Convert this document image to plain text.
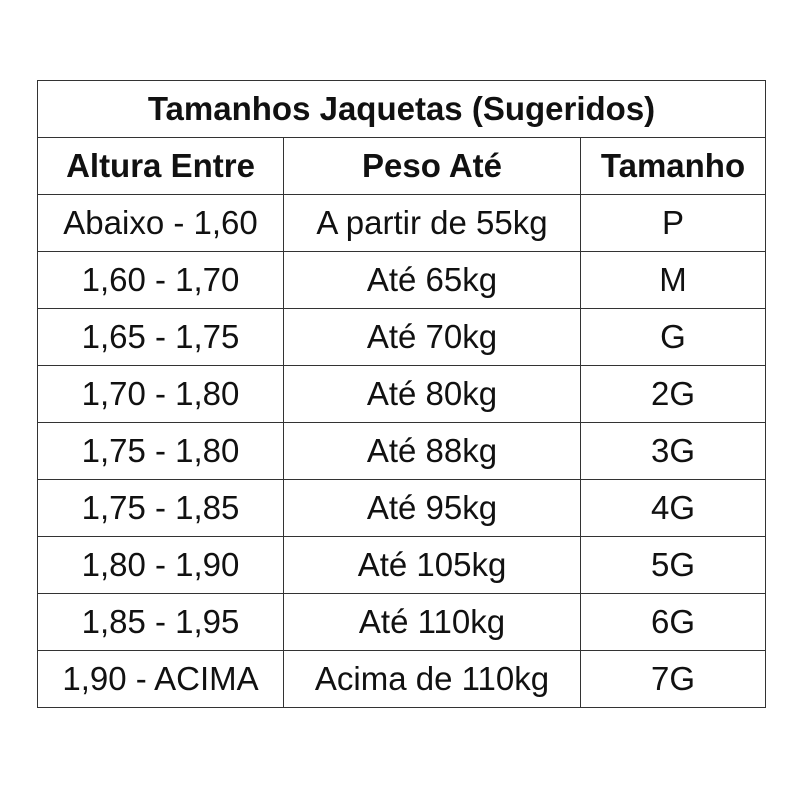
Tamanhos Jaquetas (Sugeridos)		
Altura Entre	Peso Até	Tamanho
Abaixo - 1,60	A partir de 55kg	P
1,60 - 1,70	Até 65kg	M
1,65 - 1,75	Até 70kg	G
1,70 - 1,80	Até 80kg	2G
1,75 - 1,80	Até 88kg	3G
1,75 - 1,85	Até 95kg	4G
1,80 - 1,90	Até 105kg	5G
1,85 - 1,95	Até 110kg	6G
1,90 - ACIMA	Acima de 110kg	7G
